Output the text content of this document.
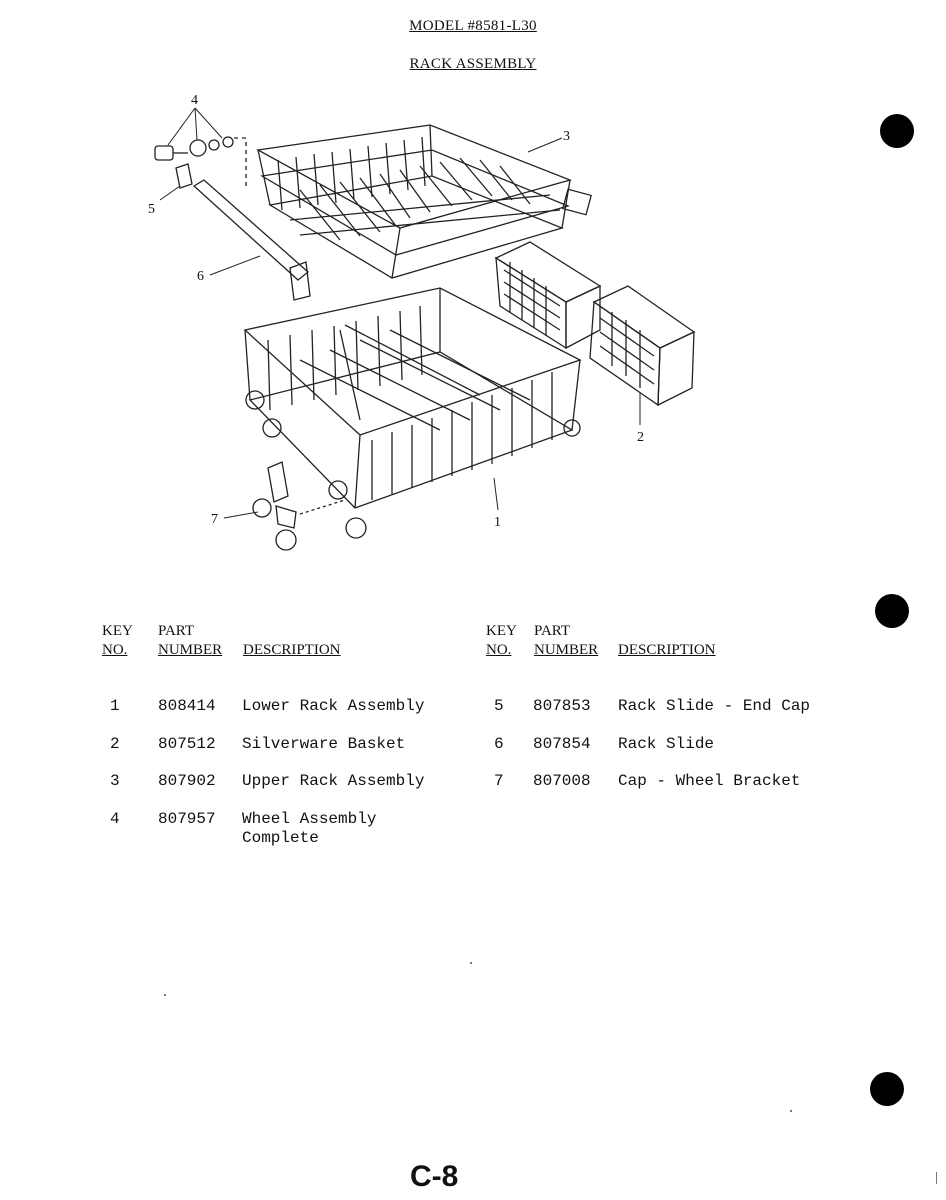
MODEL #8581-L30
RACK ASSEMBLY
4
5
6
3
2
1
7
KEY
NO.
PART
NUMBER DESCRIPTION
KEY
NO.
PART
NUMBER DESCRIPTION
1 808414 Lower Rack Assembly
2 807512 Silverware Basket
3 807902 Upper Rack Assembly
4 807957 Wheel Assembly
Complete
5 807853 Rack Slide - End Cap
6 807854 Rack Slide
7 807008 Cap - Wheel Bracket
C-8
